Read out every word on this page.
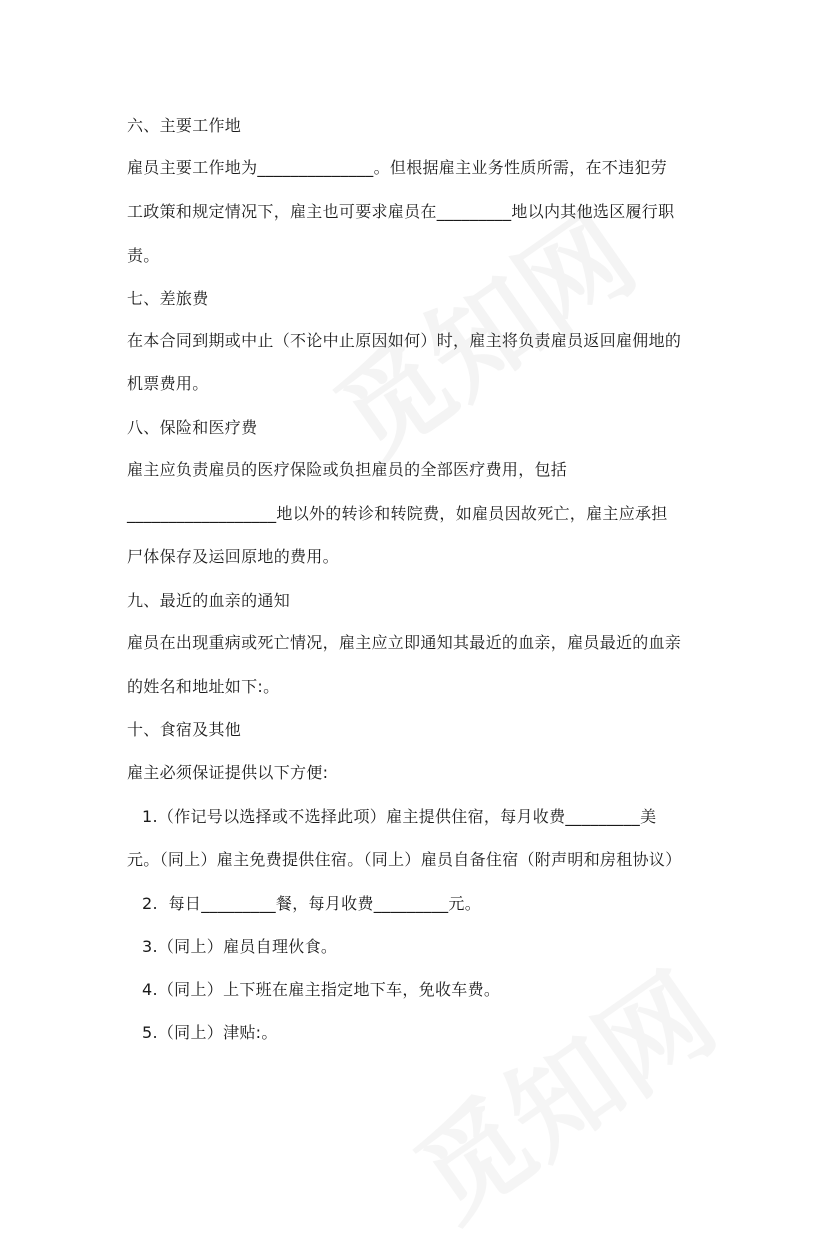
六、主要工作地

雇员主要工作地为______________。但根据雇主业务性质所需，在不违犯劳

工政策和规定情况下，雇主也可要求雇员在_________地以内其他选区履行职

责。

七、差旅费

在本合同到期或中止（不论中止原因如何）时，雇主将负责雇员返回雇佣地的

机票费用。

八、保险和医疗费

雇主应负责雇员的医疗保险或负担雇员的全部医疗费用，包括

__________________地以外的转诊和转院费，如雇员因故死亡，雇主应承担

尸体保存及运回原地的费用。

九、最近的血亲的通知

雇员在出现重病或死亡情况，雇主应立即通知其最近的血亲，雇员最近的血亲

的姓名和地址如下:。

十、食宿及其他

雇主必须保证提供以下方便:

1.（作记号以选择或不选择此项）雇主提供住宿，每月收费_________美

元。（同上）雇主免费提供住宿。（同上）雇员自备住宿（附声明和房租协议）

2.  每日_________餐，每月收费_________元。

3.（同上）雇员自理伙食。

4.（同上）上下班在雇主指定地下车，免收车费。

5.（同上）津贴:。
